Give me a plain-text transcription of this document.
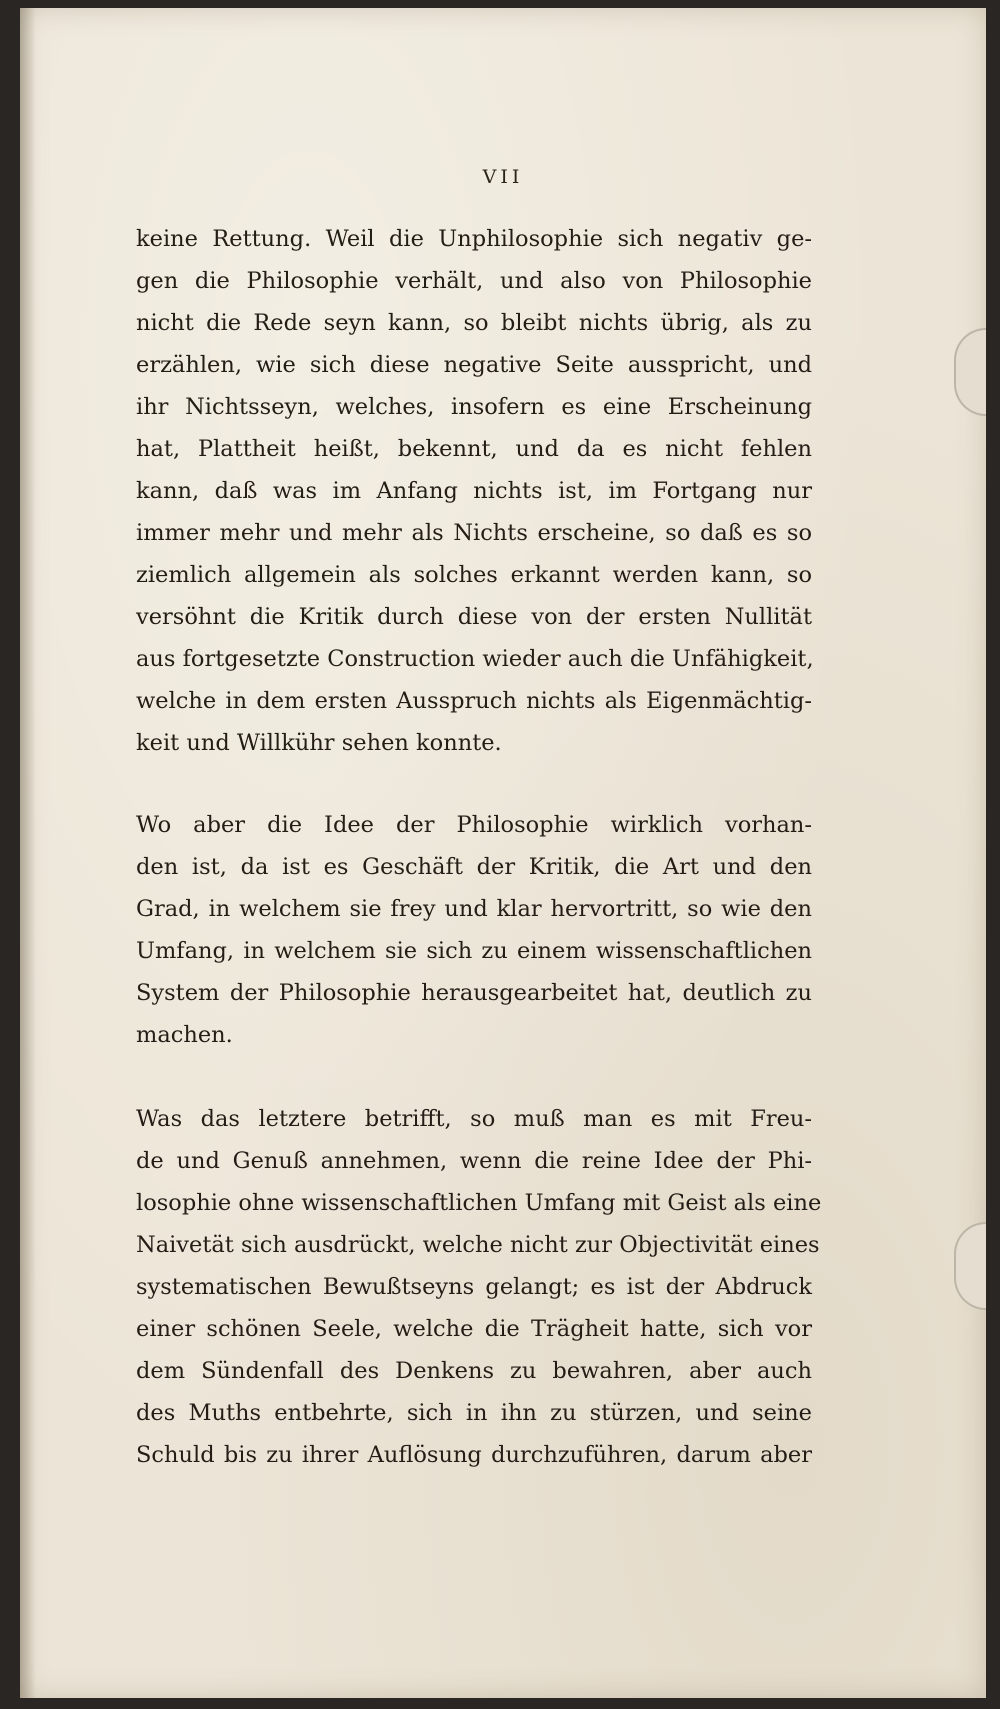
VII
keine Rettung. Weil die Unphilosophie sich negativ ge-
gen die Philosophie verhält, und also von Philosophie
nicht die Rede seyn kann, so bleibt nichts übrig, als zu
erzählen, wie sich diese negative Seite ausspricht, und
ihr Nichtsseyn, welches, insofern es eine Erscheinung
hat, Plattheit heißt, bekennt, und da es nicht fehlen
kann, daß was im Anfang nichts ist, im Fortgang nur
immer mehr und mehr als Nichts erscheine, so daß es so
ziemlich allgemein als solches erkannt werden kann, so
versöhnt die Kritik durch diese von der ersten Nullität
aus fortgesetzte Construction wieder auch die Unfähigkeit,
welche in dem ersten Ausspruch nichts als Eigenmächtig-
keit und Willkühr sehen konnte.
Wo aber die Idee der Philosophie wirklich vorhan-
den ist, da ist es Geschäft der Kritik, die Art und den
Grad, in welchem sie frey und klar hervortritt, so wie den
Umfang, in welchem sie sich zu einem wissenschaftlichen
System der Philosophie herausgearbeitet hat, deutlich zu
machen.
Was das letztere betrifft, so muß man es mit Freu-
de und Genuß annehmen, wenn die reine Idee der Phi-
losophie ohne wissenschaftlichen Umfang mit Geist als eine
Naivetät sich ausdrückt, welche nicht zur Objectivität eines
systematischen Bewußtseyns gelangt; es ist der Abdruck
einer schönen Seele, welche die Trägheit hatte, sich vor
dem Sündenfall des Denkens zu bewahren, aber auch
des Muths entbehrte, sich in ihn zu stürzen, und seine
Schuld bis zu ihrer Auflösung durchzuführen, darum aber
